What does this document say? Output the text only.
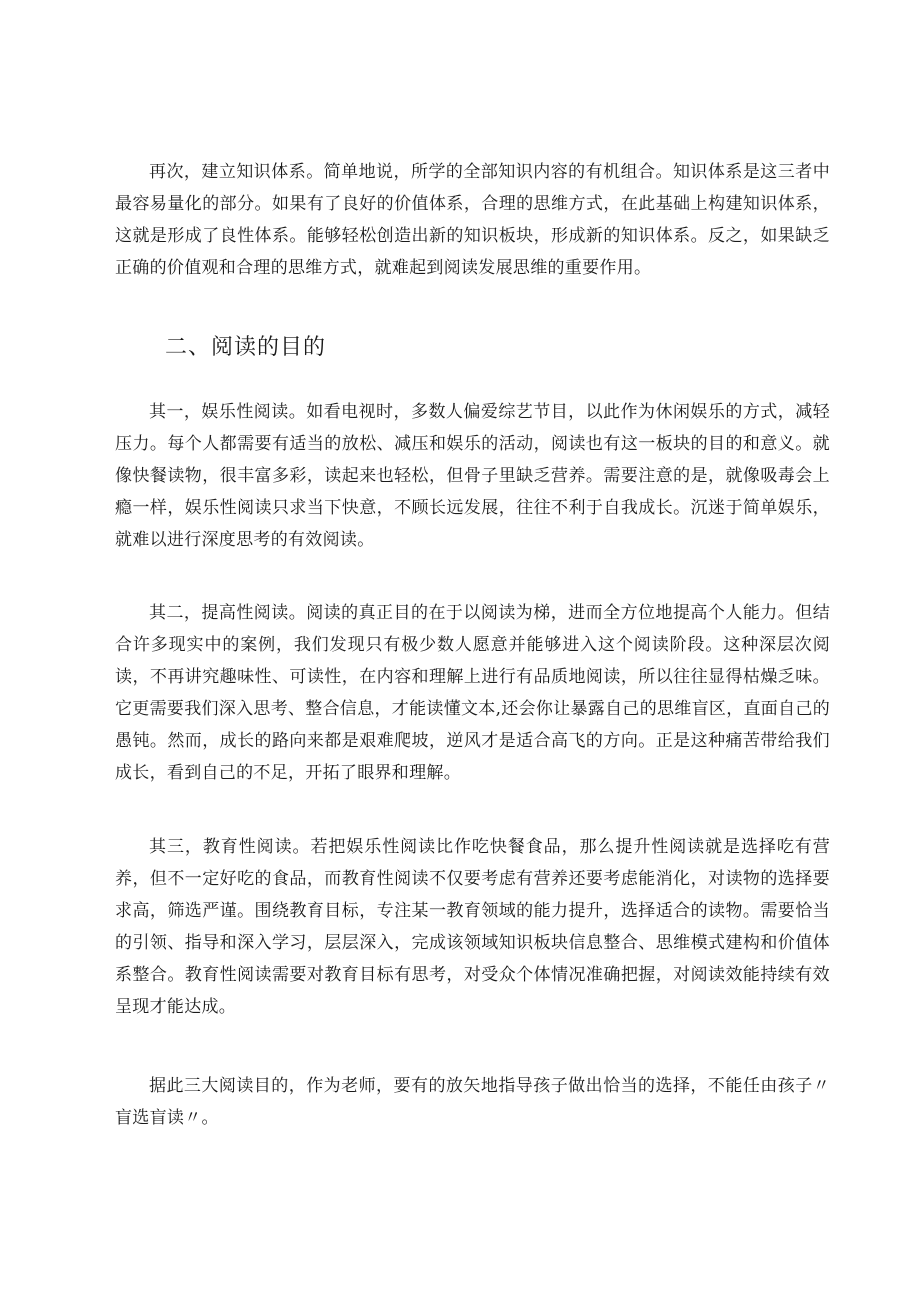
再次，建立知识体系。简单地说，所学的全部知识内容的有机组合。知识体系是这三者中最容易量化的部分。如果有了良好的价值体系，合理的思维方式，在此基础上构建知识体系，这就是形成了良性体系。能够轻松创造出新的知识板块，形成新的知识体系。反之，如果缺乏正确的价值观和合理的思维方式，就难起到阅读发展思维的重要作用。

二、阅读的目的

其一，娱乐性阅读。如看电视时，多数人偏爱综艺节目，以此作为休闲娱乐的方式，减轻压力。每个人都需要有适当的放松、减压和娱乐的活动，阅读也有这一板块的目的和意义。就像快餐读物，很丰富多彩，读起来也轻松，但骨子里缺乏营养。需要注意的是，就像吸毒会上瘾一样，娱乐性阅读只求当下快意，不顾长远发展，往往不利于自我成长。沉迷于简单娱乐，就难以进行深度思考的有效阅读。

其二，提高性阅读。阅读的真正目的在于以阅读为梯，进而全方位地提高个人能力。但结合许多现实中的案例，我们发现只有极少数人愿意并能够进入这个阅读阶段。这种深层次阅读，不再讲究趣味性、可读性，在内容和理解上进行有品质地阅读，所以往往显得枯燥乏味。它更需要我们深入思考、整合信息，才能读懂文本,还会你让暴露自己的思维盲区，直面自己的愚钝。然而，成长的路向来都是艰难爬坡，逆风才是适合高飞的方向。正是这种痛苦带给我们成长，看到自己的不足，开拓了眼界和理解。

其三，教育性阅读。若把娱乐性阅读比作吃快餐食品，那么提升性阅读就是选择吃有营养，但不一定好吃的食品，而教育性阅读不仅要考虑有营养还要考虑能消化，对读物的选择要求高，筛选严谨。围绕教育目标，专注某一教育领域的能力提升，选择适合的读物。需要恰当的引领、指导和深入学习，层层深入，完成该领域知识板块信息整合、思维模式建构和价值体系整合。教育性阅读需要对教育目标有思考，对受众个体情况准确把握，对阅读效能持续有效呈现才能达成。

据此三大阅读目的，作为老师，要有的放矢地指导孩子做出恰当的选择，不能任由孩子〃盲选盲读〃。
